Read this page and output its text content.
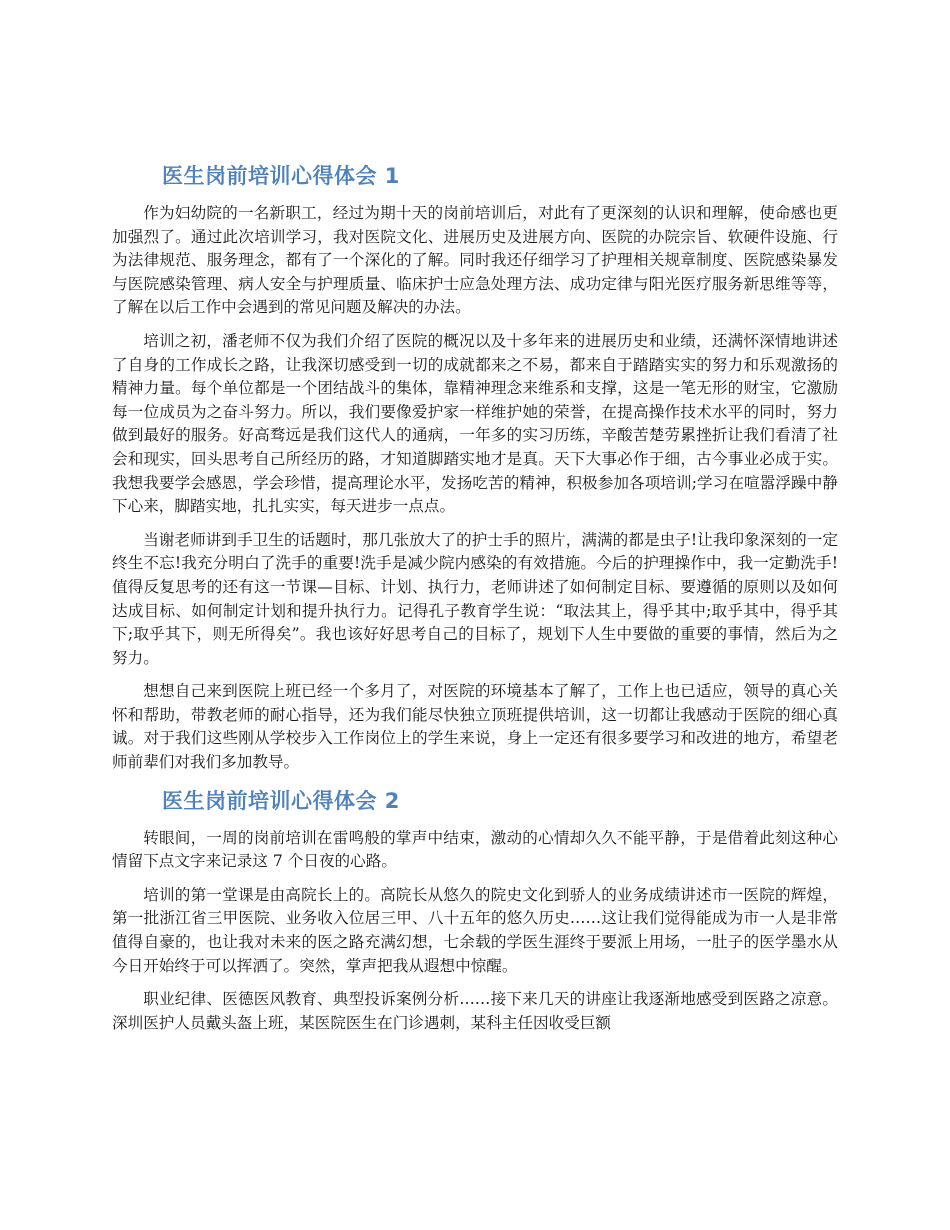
医生岗前培训心得体会 1

作为妇幼院的一名新职工，经过为期十天的岗前培训后，对此有了更深刻的认识和理解，使命感也更加强烈了。通过此次培训学习，我对医院文化、进展历史及进展方向、医院的办院宗旨、软硬件设施、行为法律规范、服务理念，都有了一个深化的了解。同时我还仔细学习了护理相关规章制度、医院感染暴发与医院感染管理、病人安全与护理质量、临床护士应急处理方法、成功定律与阳光医疗服务新思维等等，了解在以后工作中会遇到的常见问题及解决的办法。

培训之初，潘老师不仅为我们介绍了医院的概况以及十多年来的进展历史和业绩，还满怀深情地讲述了自身的工作成长之路，让我深切感受到一切的成就都来之不易，都来自于踏踏实实的努力和乐观激扬的精神力量。每个单位都是一个团结战斗的集体，靠精神理念来维系和支撑，这是一笔无形的财宝，它激励每一位成员为之奋斗努力。所以，我们要像爱护家一样维护她的荣誉，在提高操作技术水平的同时，努力做到最好的服务。好高骛远是我们这代人的通病，一年多的实习历练，辛酸苦楚劳累挫折让我们看清了社会和现实，回头思考自己所经历的路，才知道脚踏实地才是真。天下大事必作于细，古今事业必成于实。我想我要学会感恩，学会珍惜，提高理论水平，发扬吃苦的精神，积极参加各项培训;学习在喧嚣浮躁中静下心来，脚踏实地，扎扎实实，每天进步一点点。

当谢老师讲到手卫生的话题时，那几张放大了的护士手的照片，满满的都是虫子!让我印象深刻的一定终生不忘!我充分明白了洗手的重要!洗手是减少院内感染的有效措施。今后的护理操作中，我一定勤洗手!值得反复思考的还有这一节课—目标、计划、执行力，老师讲述了如何制定目标、要遵循的原则以及如何达成目标、如何制定计划和提升执行力。记得孔子教育学生说：“取法其上，得乎其中;取乎其中，得乎其下;取乎其下，则无所得矣”。我也该好好思考自己的目标了，规划下人生中要做的重要的事情，然后为之努力。

想想自己来到医院上班已经一个多月了，对医院的环境基本了解了，工作上也已适应，领导的真心关怀和帮助，带教老师的耐心指导，还为我们能尽快独立顶班提供培训，这一切都让我感动于医院的细心真诚。对于我们这些刚从学校步入工作岗位上的学生来说，身上一定还有很多要学习和改进的地方，希望老师前辈们对我们多加教导。

医生岗前培训心得体会 2

转眼间，一周的岗前培训在雷鸣般的掌声中结束，激动的心情却久久不能平静，于是借着此刻这种心情留下点文字来记录这 7 个日夜的心路。

培训的第一堂课是由高院长上的。高院长从悠久的院史文化到骄人的业务成绩讲述市一医院的辉煌，第一批浙江省三甲医院、业务收入位居三甲、八十五年的悠久历史……这让我们觉得能成为市一人是非常值得自豪的，也让我对未来的医之路充满幻想，七余载的学医生涯终于要派上用场，一肚子的医学墨水从今日开始终于可以挥洒了。突然，掌声把我从遐想中惊醒。

职业纪律、医德医风教育、典型投诉案例分析……接下来几天的讲座让我逐渐地感受到医路之凉意。深圳医护人员戴头盔上班，某医院医生在门诊遇刺，某科主任因收受巨额
